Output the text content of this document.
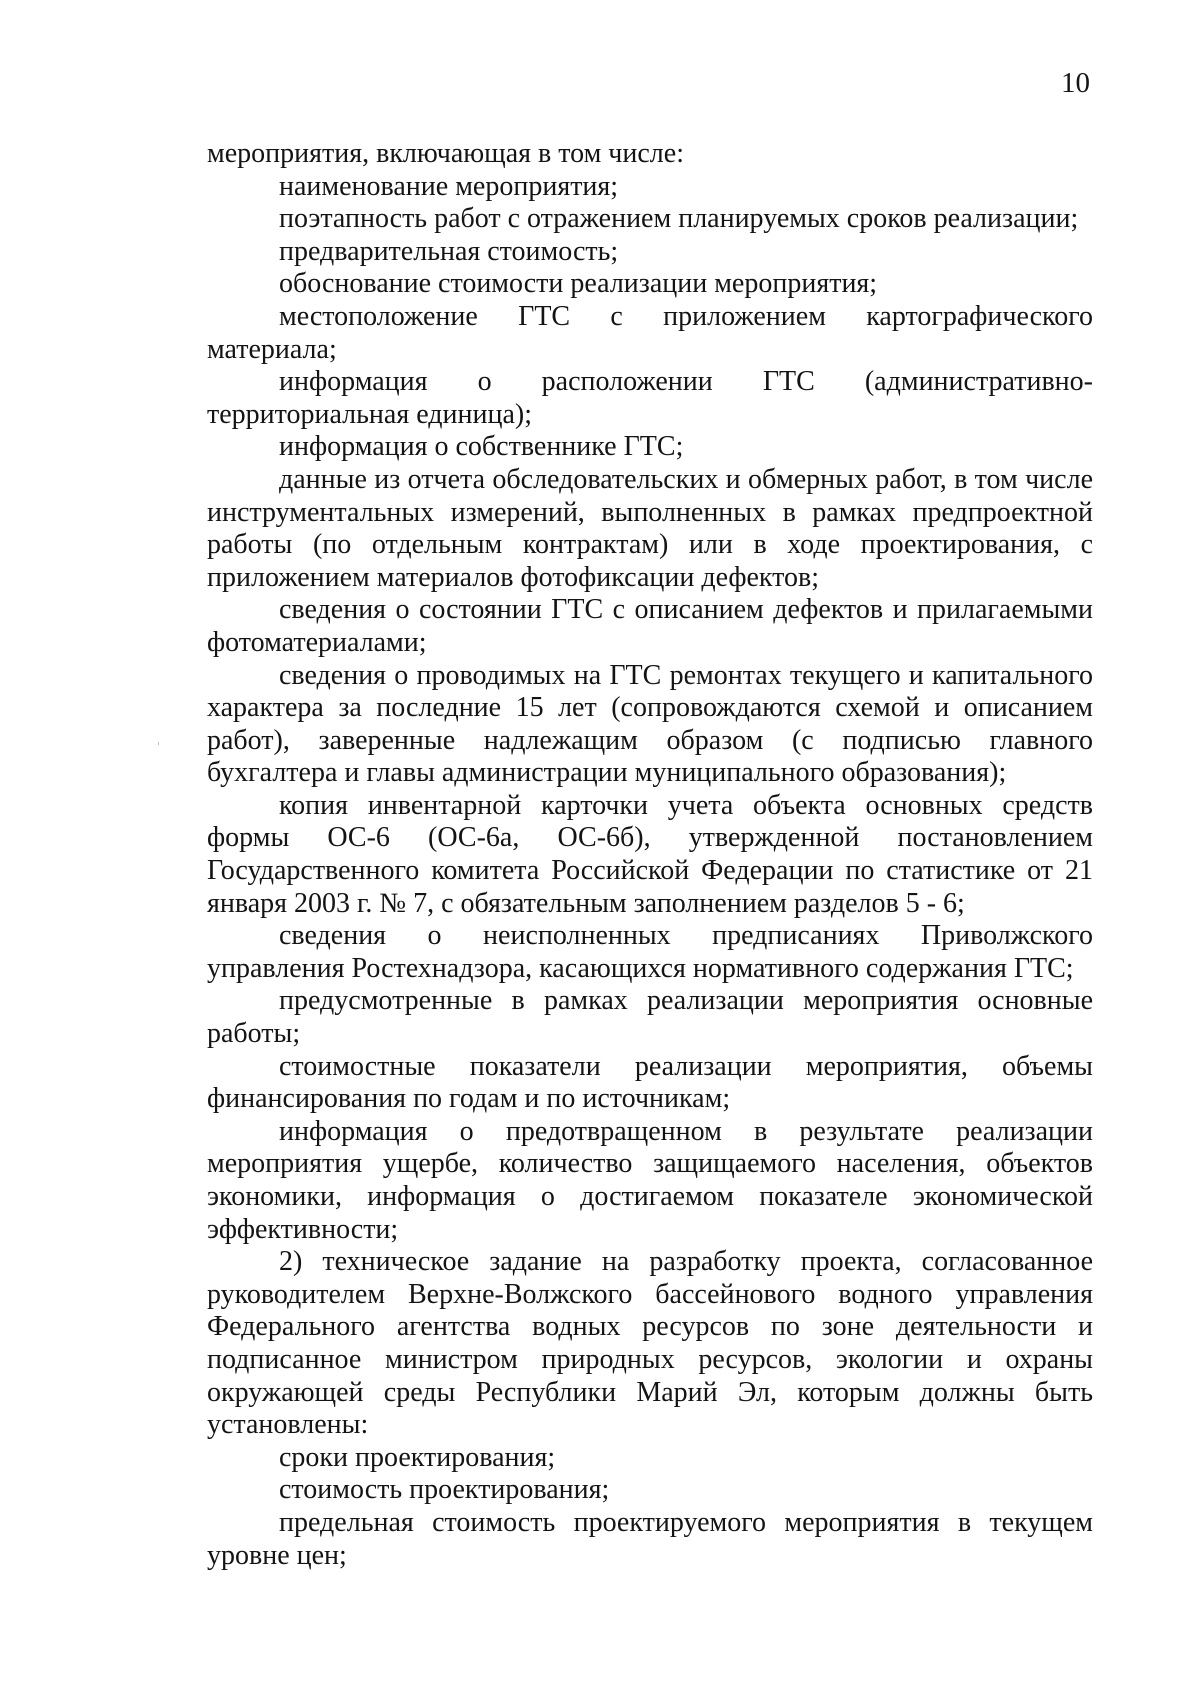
10

мероприятия, включающая в том числе:

наименование мероприятия;

поэтапность работ с отражением планируемых сроков реализации;

предварительная стоимость;

обоснование стоимости реализации мероприятия;

местоположение ГТС с приложением картографического материала;

информация о расположении ГТС (административно-территориальная единица);

информация о собственнике ГТС;

данные из отчета обследовательских и обмерных работ, в том числе инструментальных измерений, выполненных в рамках предпроектной работы (по отдельным контрактам) или в ходе проектирования, с приложением материалов фотофиксации дефектов;

сведения о состоянии ГТС с описанием дефектов и прилагаемыми фотоматериалами;

сведения о проводимых на ГТС ремонтах текущего и капитального характера за последние 15 лет (сопровождаются схемой и описанием работ), заверенные надлежащим образом (с подписью главного бухгалтера и главы администрации муниципального образования);

копия инвентарной карточки учета объекта основных средств формы ОС-6 (ОС-6а, ОС-6б), утвержденной постановлением Государственного комитета Российской Федерации по статистике от 21 января 2003 г. № 7, с обязательным заполнением разделов 5 - 6;

сведения о неисполненных предписаниях Приволжского управления Ростехнадзора, касающихся нормативного содержания ГТС;

предусмотренные в рамках реализации мероприятия основные работы;

стоимостные показатели реализации мероприятия, объемы финансирования по годам и по источникам;

информация о предотвращенном в результате реализации мероприятия ущербе, количество защищаемого населения, объектов экономики, информация о достигаемом показателе экономической эффективности;

2) техническое задание на разработку проекта, согласованное руководителем Верхне-Волжского бассейнового водного управления Федерального агентства водных ресурсов по зоне деятельности и подписанное министром природных ресурсов, экологии и охраны окружающей среды Республики Марий Эл, которым должны быть установлены:

сроки проектирования;

стоимость проектирования;

предельная стоимость проектируемого мероприятия в текущем уровне цен;
